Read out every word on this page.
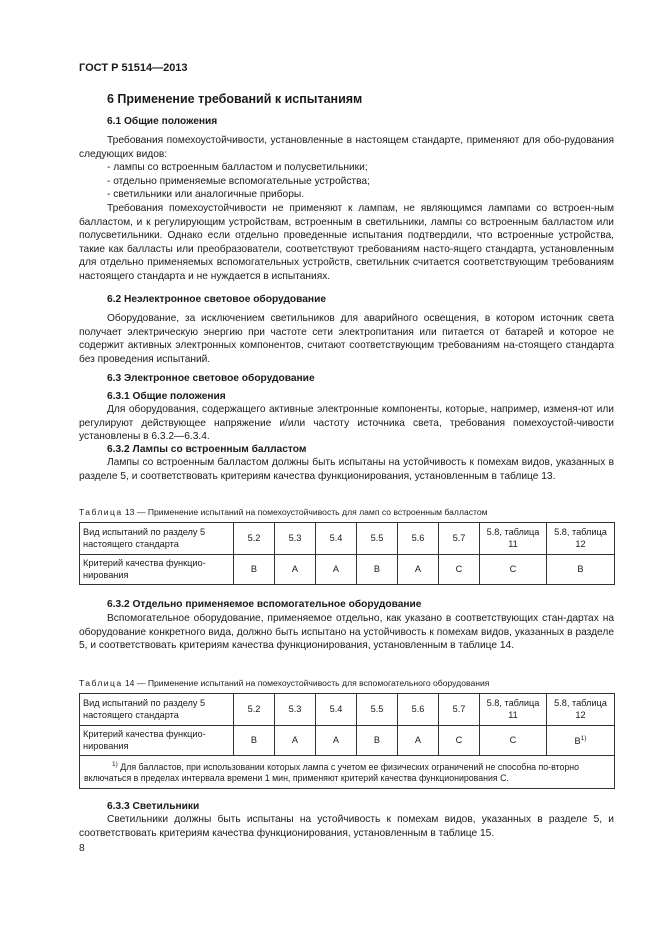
ГОСТ Р 51514—2013
6 Применение требований к испытаниям
6.1 Общие положения

Требования помехоустойчивости, установленные в настоящем стандарте, применяют для обо-рудования следующих видов:

- лампы со встроенным балластом и полусветильники;

- отдельно применяемые вспомогательные устройства;

- светильники или аналогичные приборы.

Требования помехоустойчивости не применяют к лампам, не являющимся лампами со встроен-ным балластом, и к регулирующим устройствам, встроенным в светильники, лампы со встроенным балластом или полусветильники. Однако если отдельно проведенные испытания подтвердили, что встроенные устройства, такие как балласты или преобразователи, соответствуют требованиям насто-ящего стандарта, установленным для отдельно применяемых вспомогательных устройств, светильник считается соответствующим требованиям настоящего стандарта и не нуждается в испытаниях.

6.2 Неэлектронное световое оборудование

Оборудование, за исключением светильников для аварийного освещения, в котором источник света получает электрическую энергию при частоте сети электропитания или питается от батарей и которое не содержит активных электронных компонентов, считают соответствующим требованиям на-стоящего стандарта без проведения испытаний.

6.3 Электронное световое оборудование
6.3.1 Общие положения

Для оборудования, содержащего активные электронные компоненты, которые, например, изменя-ют или регулируют действующее напряжение и/или частоту источника света, требования помехоустой-чивости установлены в 6.3.2—6.3.4.

6.3.2 Лампы со встроенным балластом

Лампы со встроенным балластом должны быть испытаны на устойчивость к помехам видов, указанных в разделе 5, и соответствовать критериям качества функционирования, установленным в таблице 13.

Таблица 13 — Применение испытаний на помехоустойчивость для ламп со встроенным балластом
Вид испытаний по разделу 5 настоящего стандарта	5.2	5.3	5.4	5.5	5.6	5.7	5.8, таблица 11	5.8, таблица 12
Критерий качества функцио-нирования	B	A	A	B	A	C	C	B
6.3.2 Отдельно применяемое вспомогательное оборудование

Вспомогательное оборудование, применяемое отдельно, как указано в соответствующих стан-дартах на оборудование конкретного вида, должно быть испытано на устойчивость к помехам видов, указанных в разделе 5, и соответствовать критериям качества функционирования, установленным в таблице 14.

Таблица 14 — Применение испытаний на помехоустойчивость для вспомогательного оборудования
Вид испытаний по разделу 5 настоящего стандарта	5.2	5.3	5.4	5.5	5.6	5.7	5.8, таблица 11	5.8, таблица 12
Критерий качества функцио-нирования	B	A	A	B	A	C	C	$B^{1)}$
$^{1)}$ Для балластов, при использовании которых лампа с учетом ее физических ограничений не способна по-вторно включаться в пределах интервала времени 1 мин, применяют критерий качества функционирования С.								
6.3.3 Светильники

Светильники должны быть испытаны на устойчивость к помехам видов, указанных в разделе 5, и соответствовать критериям качества функционирования, установленным в таблице 15.

8
